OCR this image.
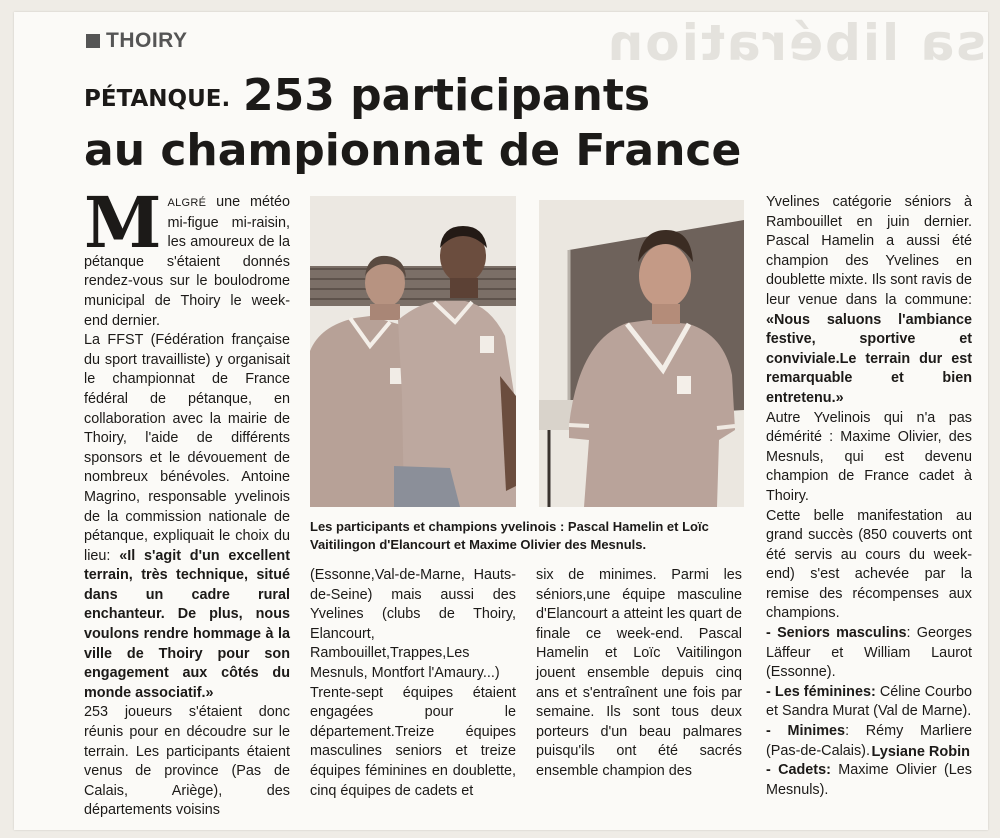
sa libération
THOIRY
PÉTANQUE. 253 participants
au championnat de France

MALGRÉ une météo mi-figue mi-raisin, les amoureux de la pétanque s'étaient donnés rendez-vous sur le boulodrome municipal de Thoiry le week-end dernier.

La FFST (Fédération française du sport travailliste) y organisait le championnat de France fédéral de pétanque, en collaboration avec la mairie de Thoiry, l'aide de différents sponsors et le dévouement de nombreux bénévoles. Antoine Magrino, responsable yvelinois de la commission nationale de pétanque, expliquait le choix du lieu: «Il s'agit d'un excellent terrain, très technique, situé dans un cadre rural enchanteur. De plus, nous voulons rendre hommage à la ville de Thoiry pour son engagement aux côtés du monde associatif.»

253 joueurs s'étaient donc réunis pour en découdre sur le terrain. Les participants étaient venus de province (Pas de Calais, Ariège), des départements voisins

Les participants et champions yvelinois : Pascal Hamelin et Loïc Vaitilingon d'Elancourt et Maxime Olivier des Mesnuls.

(Essonne,Val-de-Marne, Hauts-de-Seine) mais aussi des Yvelines (clubs de Thoiry, Elancourt, Rambouillet,Trappes,Les Mesnuls, Montfort l'Amaury...)

Trente-sept équipes étaient engagées pour le département.Treize équipes masculines seniors et treize équipes féminines en doublette, cinq équipes de cadets et

six de minimes. Parmi les séniors,une équipe masculine d'Elancourt a atteint les quart de finale ce week-end. Pascal Hamelin et Loïc Vaitilingon jouent ensemble depuis cinq ans et s'entraînent une fois par semaine. Ils sont tous deux porteurs d'un beau palmares puisqu'ils ont été sacrés ensemble champion des

Yvelines catégorie séniors à Rambouillet en juin dernier. Pascal Hamelin a aussi été champion des Yvelines en doublette mixte. Ils sont ravis de leur venue dans la commune: «Nous saluons l'ambiance festive, sportive et conviviale.Le terrain dur est remarquable et bien entretenu.»

Autre Yvelinois qui n'a pas démérité : Maxime Olivier, des Mesnuls, qui est devenu champion de France cadet à Thoiry.

Cette belle manifestation au grand succès (850 couverts ont été servis au cours du week-end) s'est achevée par la remise des récompenses aux champions.

- Seniors masculins: Georges Läffeur et William Laurot (Essonne).

- Les féminines: Céline Courbo et Sandra Murat (Val de Marne).

- Minimes: Rémy Marliere (Pas-de-Calais).

- Cadets: Maxime Olivier (Les Mesnuls).

Lysiane Robin
